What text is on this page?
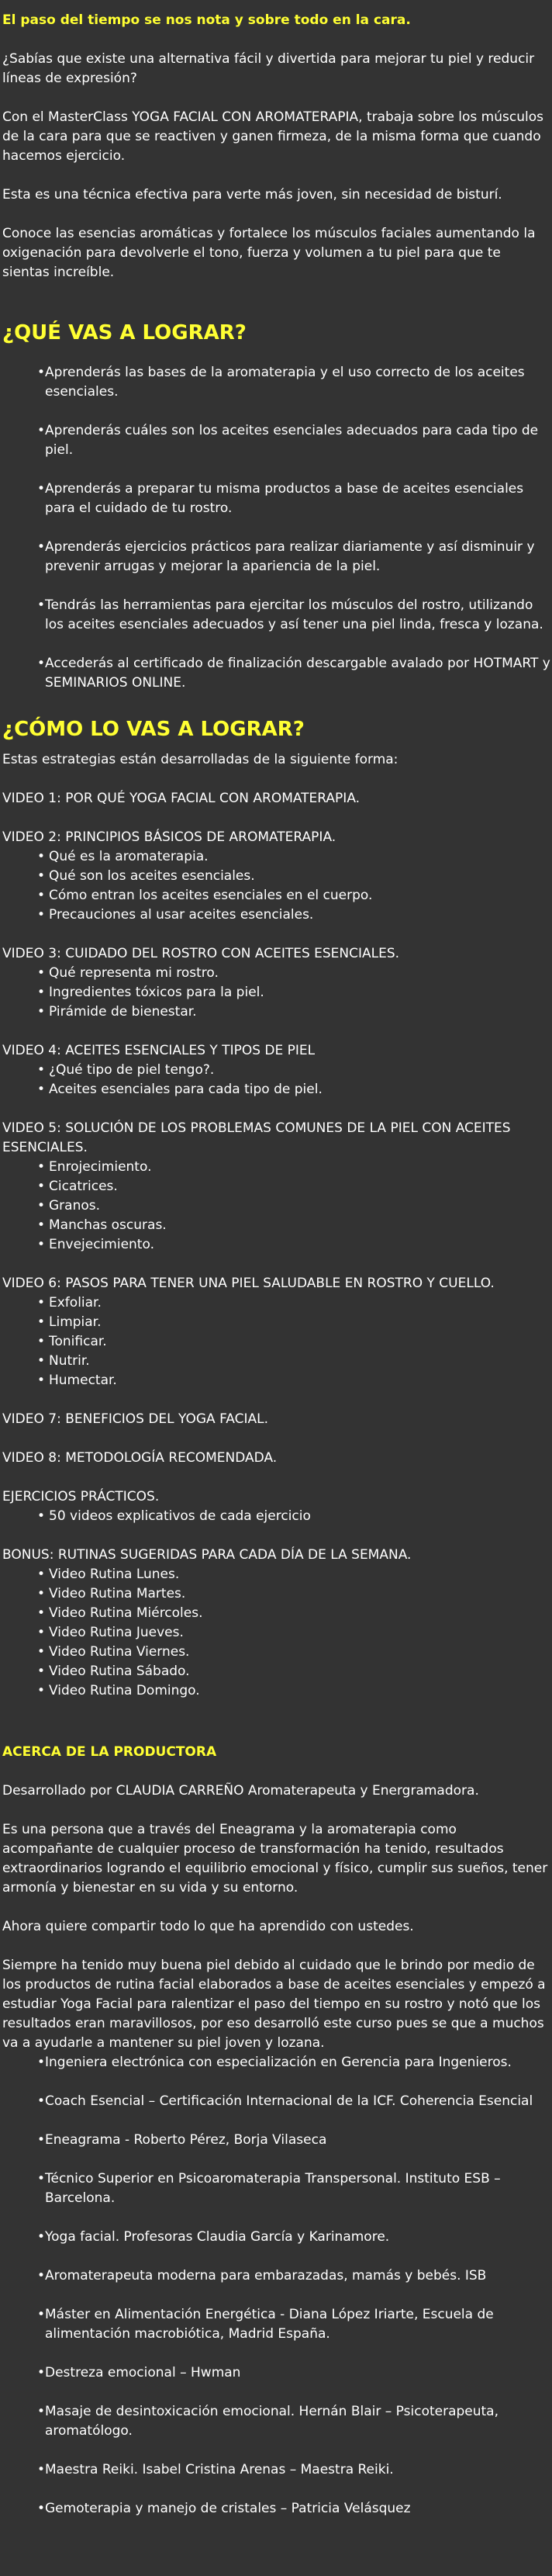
El paso del tiempo se nos nota y sobre todo en la cara.

¿Sabías que existe una alternativa fácil y divertida para mejorar tu piel y reducir líneas de expresión?

Con el MasterClass YOGA FACIAL CON AROMATERAPIA, trabaja sobre los músculos de la cara para que se reactiven y ganen firmeza, de la misma forma que cuando hacemos ejercicio.

Esta es una técnica efectiva para verte más joven, sin necesidad de bisturí.

Conoce las esencias aromáticas y fortalece los músculos faciales aumentando la oxigenación para devolverle el tono, fuerza y volumen a tu piel para que te sientas increíble.

¿QUÉ VAS A LOGRAR?
• Aprenderás las bases de la aromaterapia y el uso correcto de los aceites esenciales.
• Aprenderás cuáles son los aceites esenciales adecuados para cada tipo de piel.
• Aprenderás a preparar tu misma productos a base de aceites esenciales para el cuidado de tu rostro.
• Aprenderás ejercicios prácticos para realizar diariamente y así disminuir y prevenir arrugas y mejorar la apariencia de la piel.
• Tendrás las herramientas para ejercitar los músculos del rostro, utilizando los aceites esenciales adecuados y así tener una piel linda, fresca y lozana.
• Accederás al certificado de finalización descargable avalado por HOTMART y SEMINARIOS ONLINE.
¿CÓMO LO VAS A LOGRAR?

Estas estrategias están desarrolladas de la siguiente forma:

VIDEO 1: POR QUÉ YOGA FACIAL CON AROMATERAPIA.

VIDEO 2: PRINCIPIOS BÁSICOS DE AROMATERAPIA.

• Qué es la aromaterapia.
• Qué son los aceites esenciales.
• Cómo entran los aceites esenciales en el cuerpo.
• Precauciones al usar aceites esenciales.

VIDEO 3: CUIDADO DEL ROSTRO CON ACEITES ESENCIALES.

• Qué representa mi rostro.
• Ingredientes tóxicos para la piel.
• Pirámide de bienestar.

VIDEO 4: ACEITES ESENCIALES Y TIPOS DE PIEL

• ¿Qué tipo de piel tengo?.
• Aceites esenciales para cada tipo de piel.

VIDEO 5: SOLUCIÓN DE LOS PROBLEMAS COMUNES DE LA PIEL CON ACEITES ESENCIALES.

• Enrojecimiento.
• Cicatrices.
• Granos.
• Manchas oscuras.
• Envejecimiento.

VIDEO 6: PASOS PARA TENER UNA PIEL SALUDABLE EN ROSTRO Y CUELLO.

• Exfoliar.
• Limpiar.
• Tonificar.
• Nutrir.
• Humectar.

VIDEO 7: BENEFICIOS DEL YOGA FACIAL.

VIDEO 8: METODOLOGÍA RECOMENDADA.

EJERCICIOS PRÁCTICOS.

• 50 videos explicativos de cada ejercicio

BONUS: RUTINAS SUGERIDAS PARA CADA DÍA DE LA SEMANA.

• Video Rutina Lunes.
• Video Rutina Martes.
• Video Rutina Miércoles.
• Video Rutina Jueves.
• Video Rutina Viernes.
• Video Rutina Sábado.
• Video Rutina Domingo.

ACERCA DE LA PRODUCTORA

Desarrollado por CLAUDIA CARREÑO Aromaterapeuta y Energramadora.

Es una persona que a través del Eneagrama y la aromaterapia como acompañante de cualquier proceso de transformación ha tenido, resultados extraordinarios logrando el equilibrio emocional y físico, cumplir sus sueños, tener armonía y bienestar en su vida y su entorno.

Ahora quiere compartir todo lo que ha aprendido con ustedes.

Siempre ha tenido muy buena piel debido al cuidado que le brindo por medio de los productos de rutina facial elaborados a base de aceites esenciales y empezó a estudiar Yoga Facial para ralentizar el paso del tiempo en su rostro y notó que los resultados eran maravillosos, por eso desarrolló este curso pues se que a muchos va a ayudarle a mantener su piel joven y lozana.

• Ingeniera electrónica con especialización en Gerencia para Ingenieros.
• Coach Esencial – Certificación Internacional de la ICF. Coherencia Esencial
• Eneagrama - Roberto Pérez, Borja Vilaseca
• Técnico Superior en Psicoaromaterapia Transpersonal. Instituto ESB – Barcelona.
• Yoga facial. Profesoras Claudia García y Karinamore.
• Aromaterapeuta moderna para embarazadas, mamás y bebés. ISB
• Máster en Alimentación Energética - Diana López Iriarte, Escuela de alimentación macrobiótica, Madrid España.
• Destreza emocional – Hwman
• Masaje de desintoxicación emocional. Hernán Blair – Psicoterapeuta, aromatólogo.
• Maestra Reiki. Isabel Cristina Arenas – Maestra Reiki.
• Gemoterapia y manejo de cristales – Patricia Velásquez
